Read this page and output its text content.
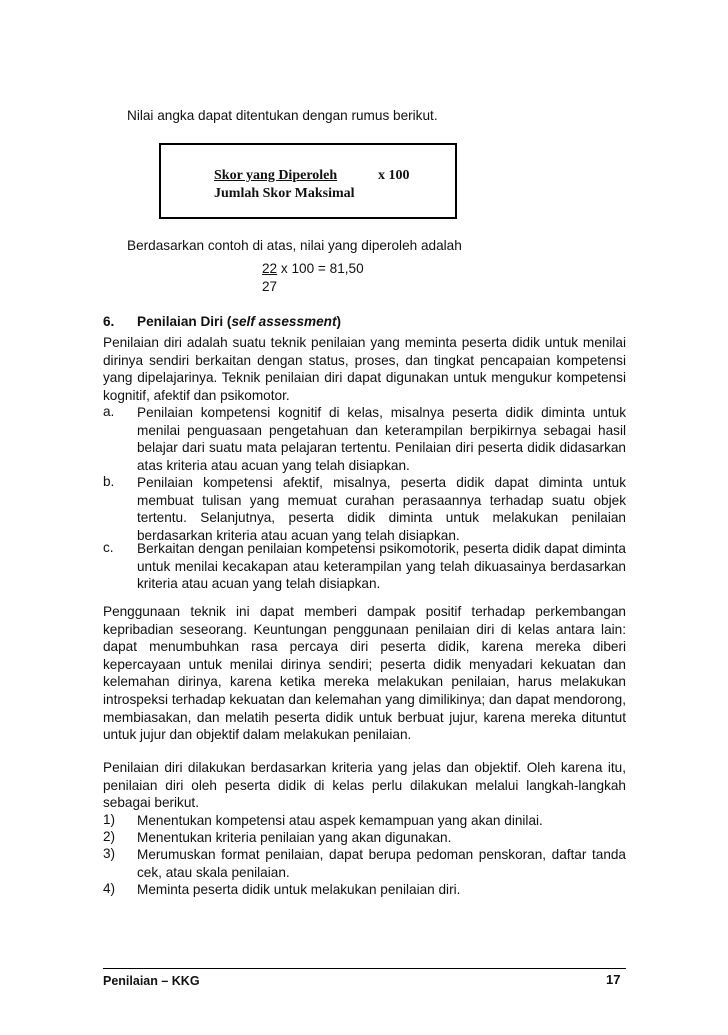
Nilai angka dapat ditentukan dengan rumus berikut.
Skor yang Diperoleh	x 100
Jumlah Skor Maksimal
Berdasarkan contoh di atas, nilai yang diperoleh adalah
22 x 100 = 81,50
27
6. Penilaian Diri (self assessment)
Penilaian diri adalah suatu teknik penilaian yang meminta peserta didik untuk menilai dirinya sendiri berkaitan dengan status, proses, dan tingkat pencapaian kompetensi yang dipelajarinya. Teknik penilaian diri dapat digunakan untuk mengukur kompetensi kognitif, afektif dan psikomotor.
a. Penilaian kompetensi kognitif di kelas, misalnya peserta didik diminta untuk menilai penguasaan pengetahuan dan keterampilan berpikirnya sebagai hasil belajar dari suatu mata pelajaran tertentu. Penilaian diri peserta didik didasarkan atas kriteria atau acuan yang telah disiapkan.
b. Penilaian kompetensi afektif, misalnya, peserta didik dapat diminta untuk membuat tulisan yang memuat curahan perasaannya terhadap suatu objek tertentu. Selanjutnya, peserta didik diminta untuk melakukan penilaian berdasarkan kriteria atau acuan yang telah disiapkan.
c. Berkaitan dengan penilaian kompetensi psikomotorik, peserta didik dapat diminta untuk menilai kecakapan atau keterampilan yang telah dikuasainya berdasarkan kriteria atau acuan yang telah disiapkan.
Penggunaan teknik ini dapat memberi dampak positif terhadap perkembangan kepribadian seseorang. Keuntungan penggunaan penilaian diri di kelas antara lain: dapat menumbuhkan rasa percaya diri peserta didik, karena mereka diberi kepercayaan untuk menilai dirinya sendiri; peserta didik menyadari kekuatan dan kelemahan dirinya, karena ketika mereka melakukan penilaian, harus melakukan introspeksi terhadap kekuatan dan kelemahan yang dimilikinya; dan dapat mendorong, membiasakan, dan melatih peserta didik untuk berbuat jujur, karena mereka dituntut untuk jujur dan objektif dalam melakukan penilaian.
Penilaian diri dilakukan berdasarkan kriteria yang jelas dan objektif. Oleh karena itu, penilaian diri oleh peserta didik di kelas perlu dilakukan melalui langkah-langkah sebagai berikut.
1) Menentukan kompetensi atau aspek kemampuan yang akan dinilai.
2) Menentukan kriteria penilaian yang akan digunakan.
3) Merumuskan format penilaian, dapat berupa pedoman penskoran, daftar tanda cek, atau skala penilaian.
4) Meminta peserta didik untuk melakukan penilaian diri.
Penilaian – KKG	17
